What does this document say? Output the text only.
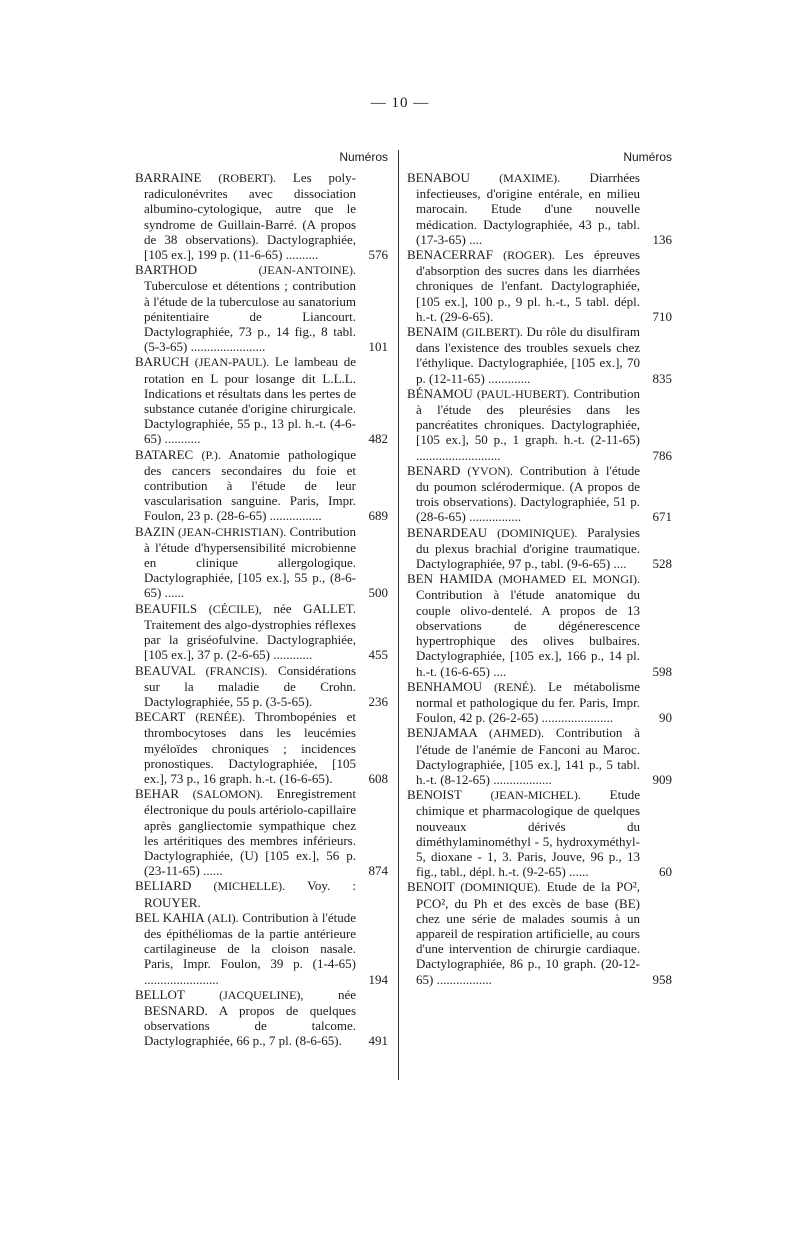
— 10 —
Numéros
BARRAINE (ROBERT). Les poly-radiculonévrites avec dissociation albumino-cytologique, autre que le syndrome de Guillain-Barré. (A propos de 38 observations). Dactylographiée, [105 ex.], 199 p. (11-6-65) ..........	576
BARTHOD	(JEAN-ANTOINE). Tuberculose et détentions ; contribution à l'étude de la tuberculose au sanatorium pénitentiaire de Liancourt. Dactylographiée, 73 p., 14 fig., 8 tabl. (5-3-65) .......................	101
BARUCH (JEAN-PAUL). Le lambeau de rotation en L pour losange dit L.L.L. Indications et résultats dans les pertes de substance cutanée d'origine chirurgicale. Dactylographiée, 55 p., 13 pl. h.-t. (4-6-65) ...........	482
BATAREC (P.). Anatomie pathologique des cancers secondaires du foie et contribution à l'étude de leur vascularisation sanguine. Paris, Impr. Foulon, 23 p. (28-6-65) ................	689
BAZIN (JEAN-CHRISTIAN). Contribution à l'étude d'hypersensibilité microbienne en clinique allergologique. Dactylographiée, [105 ex.], 55 p., (8-6-65) ......	500
BEAUFILS (CÉCILE), née GALLET. Traitement des algo-dystrophies réflexes par la griséofulvine. Dactylographiée, [105 ex.], 37 p. (2-6-65) ............	455
BEAUVAL (FRANCIS). Considérations sur la maladie de Crohn. Dactylographiée, 55 p. (3-5-65).	236
BECART (RENÉE). Thrombopénies et thrombocytoses dans les leucémies myéloïdes chroniques ; incidences pronostiques. Dactylographiée, [105 ex.], 73 p., 16 graph. h.-t. (16-6-65).	608
BEHAR (SALOMON). Enregistrement électronique du pouls artériolo-capillaire après gangliectomie sympathique chez les artéritiques des membres inférieurs. Dactylographiée, (U) [105 ex.], 56 p. (23-11-65) ......	874
BELIARD (MICHELLE). Voy. : ROUYER.
BEL KAHIA (ALI). Contribution à l'étude des épithéliomas de la partie antérieure cartilagineuse de la cloison nasale. Paris, Impr. Foulon, 39 p. (1-4-65) .......................	194
BELLOT	(JACQUELINE),	née BESNARD. A propos de quelques observations de talcome. Dactylographiée, 66 p., 7 pl. (8-6-65).	491
Numéros
BENABOU (MAXIME). Diarrhées infectieuses, d'origine entérale, en milieu marocain. Etude d'une nouvelle médication. Dactylographiée, 43 p., tabl. (17-3-65) ....	136
BENACERRAF (ROGER). Les épreuves d'absorption des sucres dans les diarrhées chroniques de l'enfant. Dactylographiée, [105 ex.], 100 p., 9 pl. h.-t., 5 tabl. dépl. h.-t. (29-6-65).	710
BENAIM (GILBERT). Du rôle du disulfiram dans l'existence des troubles sexuels chez l'éthylique. Dactylographiée, [105 ex.], 70 p. (12-11-65) .............	835
BÉNAMOU (PAUL-HUBERT). Contribution à l'étude des pleurésies dans les pancréatites chroniques. Dactylographiée, [105 ex.], 50 p., 1 graph. h.-t. (2-11-65) ..........................	786
BENARD (YVON). Contribution à l'étude du poumon sclérodermique. (A propos de trois observations). Dactylographiée, 51 p. (28-6-65) ................	671
BENARDEAU (DOMINIQUE). Paralysies du plexus brachial d'origine traumatique. Dactylographiée, 97 p., tabl. (9-6-65) ....	528
BEN HAMIDA (MOHAMED EL MONGI). Contribution à l'étude anatomique du couple olivo-dentelé. A propos de 13 observations de dégénerescence hypertrophique des olives bulbaires. Dactylographiée, [105 ex.], 166 p., 14 pl. h.-t. (16-6-65) ....	598
BENHAMOU (RENÉ). Le métabolisme normal et pathologique du fer. Paris, Impr. Foulon, 42 p. (26-2-65) ......................	90
BENJAMAA (AHMED). Contribution à l'étude de l'anémie de Fanconi au Maroc. Dactylographiée, [105 ex.], 141 p., 5 tabl. h.-t. (8-12-65) ..................	909
BENOIST (JEAN-MICHEL). Etude chimique et pharmacologique de quelques nouveaux dérivés du diméthylaminométhyl - 5, hydroxyméthyl-5, dioxane - 1, 3. Paris, Jouve, 96 p., 13 fig., tabl., dépl. h.-t. (9-2-65) ......	60
BENOIT (DOMINIQUE). Etude de la PO², PCO², du Ph et des excès de base (BE) chez une série de malades soumis à un appareil de respiration artificielle, au cours d'une intervention de chirurgie cardiaque. Dactylographiée, 86 p., 10 graph. (20-12-65) .................	958
